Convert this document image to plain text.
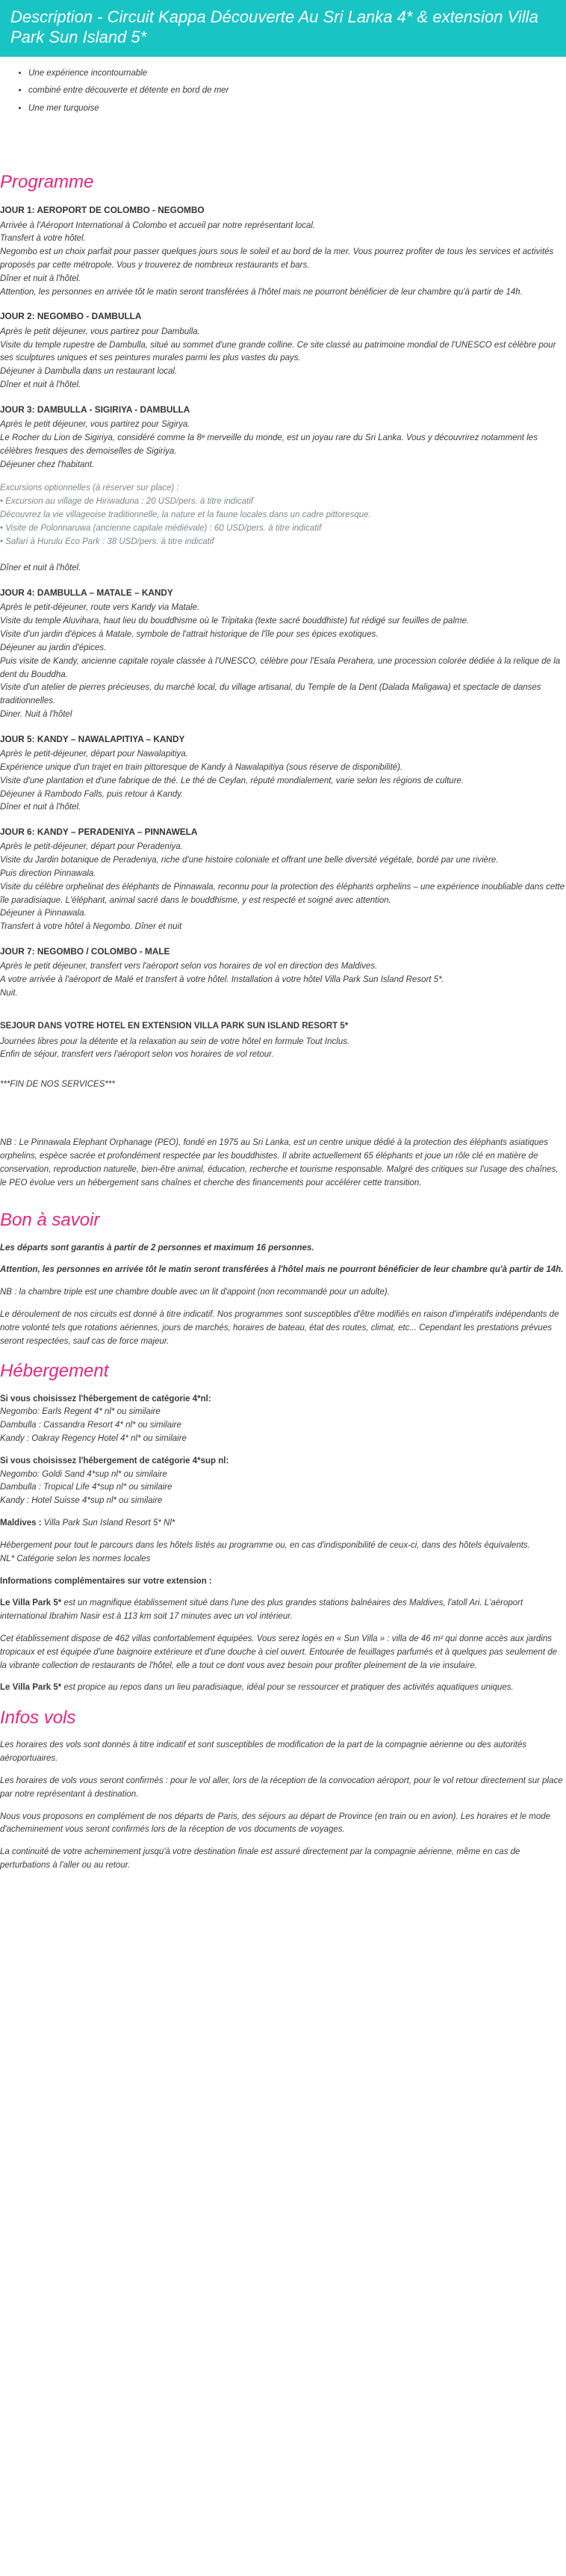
Description - Circuit Kappa Découverte Au Sri Lanka 4* & extension Villa Park Sun Island 5*
• Une expérience incontournable
• combiné entre découverte et détente en bord de mer
• Une mer turquoise
Programme
JOUR 1: AEROPORT DE COLOMBO - NEGOMBO

Arrivée à l'Aéroport International à Colombo et accueil par notre représentant local.

Transfert à votre hôtel.

Negombo est un choix parfait pour passer quelques jours sous le soleil et au bord de la mer. Vous pourrez profiter de tous les services et activités proposés par cette métropole. Vous y trouverez de nombreux restaurants et bars.

Dîner et nuit à l'hôtel.

Attention, les personnes en arrivée tôt le matin seront transférées à l'hôtel mais ne pourront bénéficier de leur chambre qu'à partir de 14h.

JOUR 2: NEGOMBO - DAMBULLA

Après le petit déjeuner, vous partirez pour Dambulla.

Visite du temple rupestre de Dambulla, situé au sommet d'une grande colline. Ce site classé au patrimoine mondial de l'UNESCO est célèbre pour ses sculptures uniques et ses peintures murales parmi les plus vastes du pays.

Déjeuner à Dambulla dans un restaurant local.

Dîner et nuit à l'hôtel.

JOUR 3: DAMBULLA - SIGIRIYA - DAMBULLA

Après le petit déjeuner, vous partirez pour Sigirya.

Le Rocher du Lion de Sigiriya, considéré comme la 8ᵉ merveille du monde, est un joyau rare du Sri Lanka. Vous y découvrirez notamment les célèbres fresques des demoiselles de Sigiriya.

Déjeuner chez l'habitant.

Excursions optionnelles (à réserver sur place) :

• Excursion au village de Hiriwaduna : 20 USD/pers. à titre indicatif

Découvrez la vie villageoise traditionnelle, la nature et la faune locales dans un cadre pittoresque.

• Visite de Polonnaruwa (ancienne capitale médiévale) : 60 USD/pers. à titre indicatif

• Safari à Hurulu Eco Park : 38 USD/pers. à titre indicatif

Dîner et nuit à l'hôtel.

JOUR 4: DAMBULLA – MATALE – KANDY

Après le petit-déjeuner, route vers Kandy via Matale.

Visite du temple Aluvihara, haut lieu du bouddhisme où le Tripitaka (texte sacré bouddhiste) fut rédigé sur feuilles de palme.

Visite d'un jardin d'épices à Matale, symbole de l'attrait historique de l'île pour ses épices exotiques.

Déjeuner au jardin d'épices.

Puis visite de Kandy, ancienne capitale royale classée à l'UNESCO, célèbre pour l'Esala Perahera, une procession colorée dédiée à la relique de la dent du Bouddha.

Visite d'un atelier de pierres précieuses, du marché local, du village artisanal, du Temple de la Dent (Dalada Maligawa) et spectacle de danses traditionnelles.

Diner. Nuit à l'hôtel

JOUR 5: KANDY – NAWALAPITIYA – KANDY

Après le petit-déjeuner, départ pour Nawalapitiya.

Expérience unique d'un trajet en train pittoresque de Kandy à Nawalapitiya (sous réserve de disponibilité).

Visite d'une plantation et d'une fabrique de thé. Le thé de Ceylan, réputé mondialement, varie selon les régions de culture.

Déjeuner à Rambodo Falls, puis retour à Kandy.

Dîner et nuit à l'hôtel.

JOUR 6: KANDY – PERADENIYA – PINNAWELA

Après le petit-déjeuner, départ pour Peradeniya.

Visite du Jardin botanique de Peradeniya, riche d'une histoire coloniale et offrant une belle diversité végétale, bordé par une rivière.

Puis direction Pinnawala.

Visite du célèbre orphelinat des éléphants de Pinnawala, reconnu pour la protection des éléphants orphelins – une expérience inoubliable dans cette île paradisiaque. L'éléphant, animal sacré dans le bouddhisme, y est respecté et soigné avec attention.

Déjeuner à Pinnawala.

Transfert à votre hôtel à Negombo. Dîner et nuit

JOUR 7: NEGOMBO / COLOMBO - MALE

Après le petit déjeuner, transfert vers l'aéroport selon vos horaires de vol en direction des Maldives.

A votre arrivée à l'aéroport de Malé et transfert à votre hôtel. Installation à votre hôtel Villa Park Sun Island Resort 5*.

Nuit.

SEJOUR DANS VOTRE HOTEL EN EXTENSION VILLA PARK SUN ISLAND RESORT 5*

Journées libres pour la détente et la relaxation au sein de votre hôtel en formule Tout Inclus.

Enfin de séjour, transfert vers l'aéroport selon vos horaires de vol retour.

***FIN DE NOS SERVICES***

NB : Le Pinnawala Elephant Orphanage (PEO), fondé en 1975 au Sri Lanka, est un centre unique dédié à la protection des éléphants asiatiques orphelins, espèce sacrée et profondément respectée par les bouddhistes. Il abrite actuellement 65 éléphants et joue un rôle clé en matière de conservation, reproduction naturelle, bien-être animal, éducation, recherche et tourisme responsable. Malgré des critiques sur l'usage des chaînes, le PEO évolue vers un hébergement sans chaînes et cherche des financements pour accélérer cette transition.

Bon à savoir

Les départs sont garantis à partir de 2 personnes et maximum 16 personnes.

Attention, les personnes en arrivée tôt le matin seront transférées à l'hôtel mais ne pourront bénéficier de leur chambre qu'à partir de 14h.

NB : la chambre triple est une chambre double avec un lit d'appoint (non recommandé pour un adulte).

Le déroulement de nos circuits est donné à titre indicatif. Nos programmes sont susceptibles d'être modifiés en raison d'impératifs indépendants de notre volonté tels que rotations aériennes, jours de marchés, horaires de bateau, état des routes, climat, etc... Cependant les prestations prévues seront respectées, sauf cas de force majeur.

Hébergement

Si vous choisissez l'hébergement de catégorie 4*nl:
Negombo: Earls Regent 4* nl* ou similaire
Dambulla : Cassandra Resort 4* nl* ou similaire
Kandy : Oakray Regency Hotel 4* nl* ou similaire

Si vous choisissez l'hébergement de catégorie 4*sup nl:
Negombo: Goldi Sand 4*sup nl* ou similaire
Dambulla : Tropical Life 4*sup nl* ou similaire
Kandy : Hotel Suisse 4*sup nl* ou similaire

Maldives : Villa Park Sun Island Resort 5* Nl*

Hébergement pour tout le parcours dans les hôtels listés au programme ou, en cas d'indisponibilité de ceux-ci, dans des hôtels équivalents.
NL* Catégorie selon les normes locales

Informations complémentaires sur votre extension :

Le Villa Park 5* est un magnifique établissement situé dans l'une des plus grandes stations balnéaires des Maldives, l'atoll Ari. L'aéroport international Ibrahim Nasir est à 113 km soit 17 minutes avec un vol intérieur.

Cet établissement dispose de 462 villas confortablement équipées. Vous serez logés en « Sun Villa » : villa de 46 m² qui donne accès aux jardins tropicaux et est équipée d'une baignoire extérieure et d'une douche à ciel ouvert. Entourée de feuillages parfumés et à quelques pas seulement de la vibrante collection de restaurants de l'hôtel, elle a tout ce dont vous avez besoin pour profiter pleinement de la vie insulaire.

Le Villa Park 5* est propice au repos dans un lieu paradisiaque, idéal pour se ressourcer et pratiquer des activités aquatiques uniques.

Infos vols

Les horaires des vols sont donnés à titre indicatif et sont susceptibles de modification de la part de la compagnie aérienne ou des autorités aéroportuaires.

Les horaires de vols vous seront confirmés : pour le vol aller, lors de la réception de la convocation aéroport, pour le vol retour directement sur place par notre représentant à destination.

Nous vous proposons en complément de nos départs de Paris, des séjours au départ de Province (en train ou en avion). Les horaires et le mode d'acheminement vous seront confirmés lors de la réception de vos documents de voyages.

La continuité de votre acheminement jusqu'à votre destination finale est assuré directement par la compagnie aérienne, même en cas de perturbations à l'aller ou au retour.
